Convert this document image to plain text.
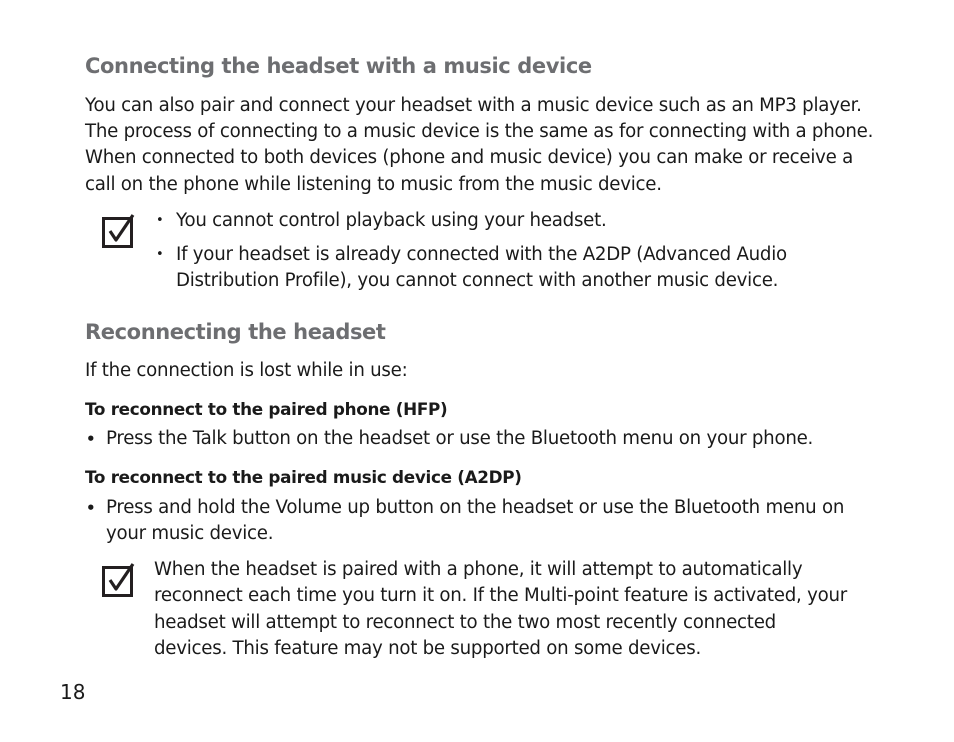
Connecting the headset with a music device

You can also pair and connect your headset with a music device such as an MP3 player. The process of connecting to a music device is the same as for connecting with a phone. When connected to both devices (phone and music device) you can make or receive a call on the phone while listening to music from the music device.

• You cannot control playback using your headset.
• If your headset is already connected with the A2DP (Advanced Audio Distribution Profile), you cannot connect with another music device.
Reconnecting the headset

If the connection is lost while in use:

To reconnect to the paired phone (HFP)

• Press the Talk button on the headset or use the Bluetooth menu on your phone.

To reconnect to the paired music device (A2DP)

• Press and hold the Volume up button on the headset or use the Bluetooth menu on your music device.

When the headset is paired with a phone, it will attempt to automatically reconnect each time you turn it on. If the Multi-point feature is activated, your headset will attempt to reconnect to the two most recently connected devices. This feature may not be supported on some devices.

18
